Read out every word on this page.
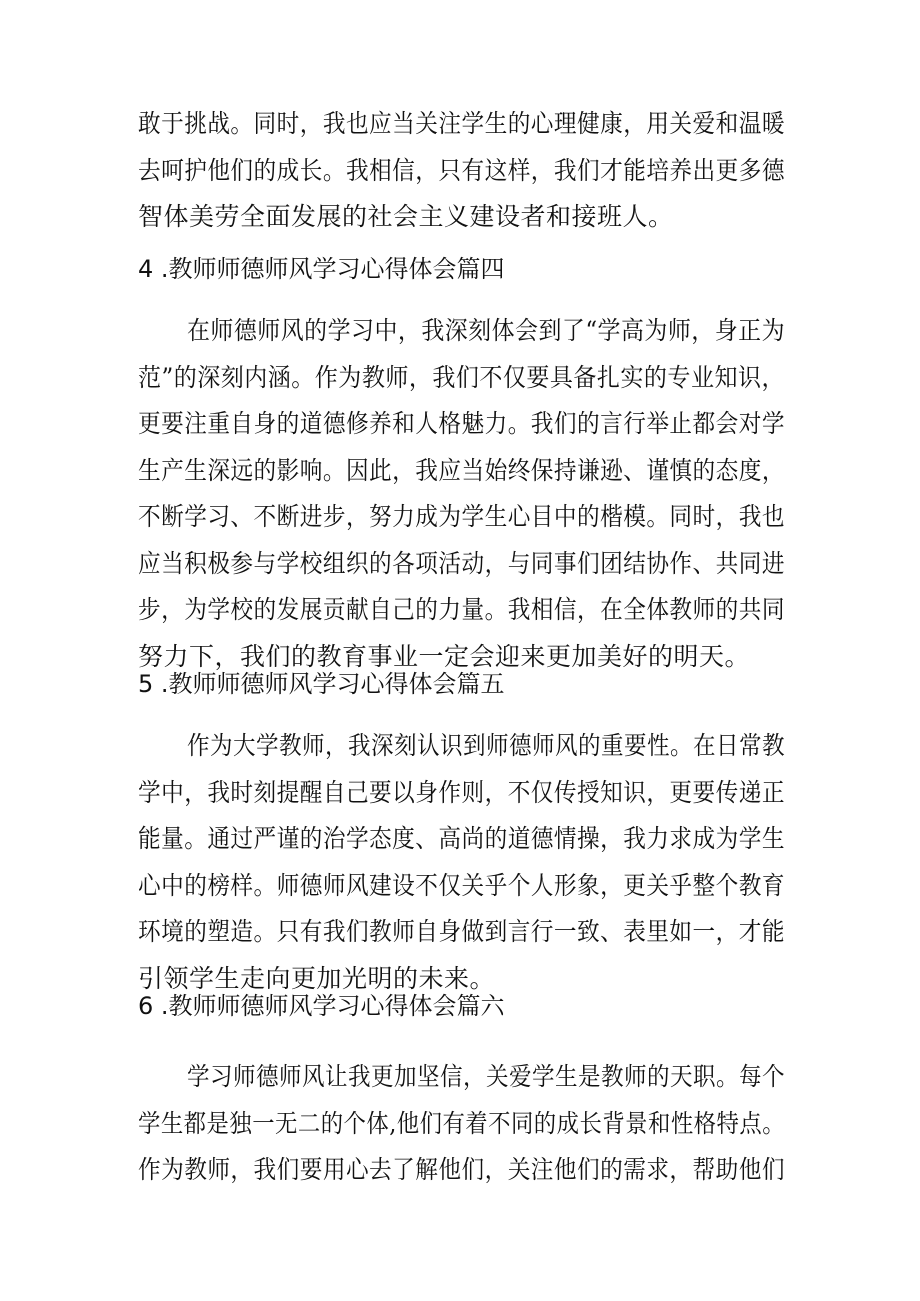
敢于挑战。同时，我也应当关注学生的心理健康，用关爱和温暖
去呵护他们的成长。我相信，只有这样，我们才能培养出更多德
智体美劳全面发展的社会主义建设者和接班人。

4 .教师师德师风学习心得体会篇四

在师德师风的学习中，我深刻体会到了“学高为师，身正为
范”的深刻内涵。作为教师，我们不仅要具备扎实的专业知识，
更要注重自身的道德修养和人格魅力。我们的言行举止都会对学
生产生深远的影响。因此，我应当始终保持谦逊、谨慎的态度，
不断学习、不断进步，努力成为学生心目中的楷模。同时，我也
应当积极参与学校组织的各项活动，与同事们团结协作、共同进
步，为学校的发展贡献自己的力量。我相信，在全体教师的共同
努力下，我们的教育事业一定会迎来更加美好的明天。

5 .教师师德师风学习心得体会篇五

作为大学教师，我深刻认识到师德师风的重要性。在日常教
学中，我时刻提醒自己要以身作则，不仅传授知识，更要传递正
能量。通过严谨的治学态度、高尚的道德情操，我力求成为学生
心中的榜样。师德师风建设不仅关乎个人形象，更关乎整个教育
环境的塑造。只有我们教师自身做到言行一致、表里如一，才能
引领学生走向更加光明的未来。

6 .教师师德师风学习心得体会篇六

学习师德师风让我更加坚信，关爱学生是教师的天职。每个
学生都是独一无二的个体,他们有着不同的成长背景和性格特点。
作为教师，我们要用心去了解他们，关注他们的需求，帮助他们
